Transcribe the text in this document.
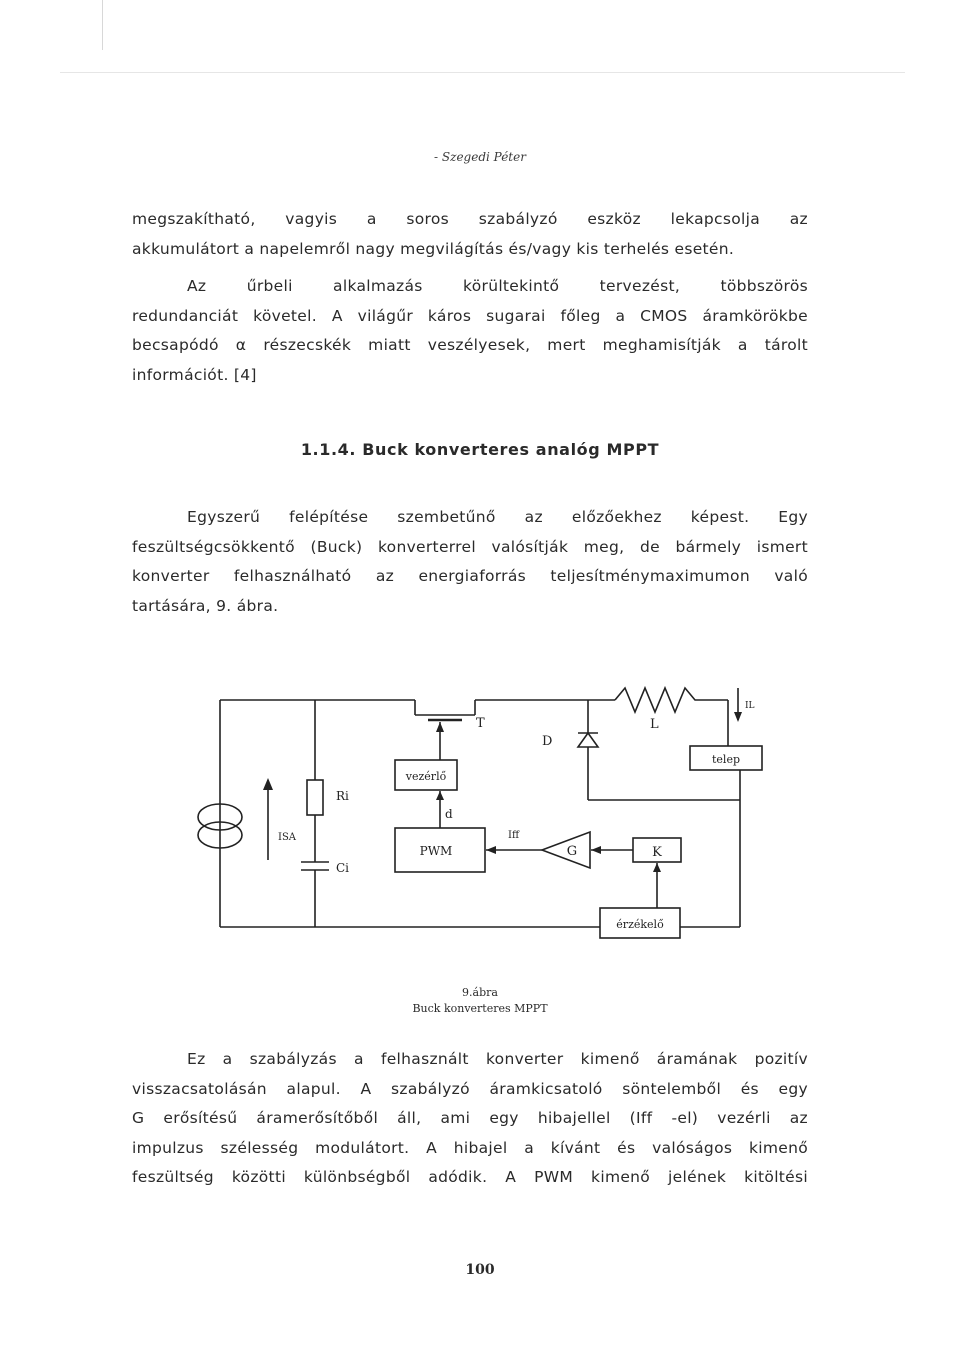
- Szegedi Péter

megszakítható, vagyis a soros szabályzó eszköz lekapcsolja az
akkumulátort a napelemről nagy megvilágítás és/vagy kis terhelés esetén.

Az űrbeli alkalmazás körültekintő tervezést, többszörös
redundanciát követel. A világűr káros sugarai főleg a CMOS áramkörökbe
becsapódó α részecskék miatt veszélyesek, mert meghamisítják a tárolt
információt. [4]

1.1.4. Buck konverteres analóg MPPT

Egyszerű felépítése szembetűnő az előzőekhez képest. Egy
feszültségcsökkentő (Buck) konverterrel valósítják meg, de bármely ismert
konverter felhasználható az energiaforrás teljesítménymaximumon való
tartására, 9. ábra.

ISA
Ri
Ci
T
vezérlő
d
PWM
Iff
G	K
érzékelő
D
L
IL
telep
9.ábra
Buck konverteres MPPT

Ez a szabályzás a felhasznált konverter kimenő áramának pozitív
visszacsatolásán alapul. A szabályzó áramkicsatoló söntelemből és egy
G erősítésű áramerősítőből áll, ami egy hibajellel (Iff -el) vezérli az
impulzus szélesség modulátort. A hibajel a kívánt és valóságos kimenő
feszültség közötti különbségből adódik. A PWM kimenő jelének kitöltési

100
